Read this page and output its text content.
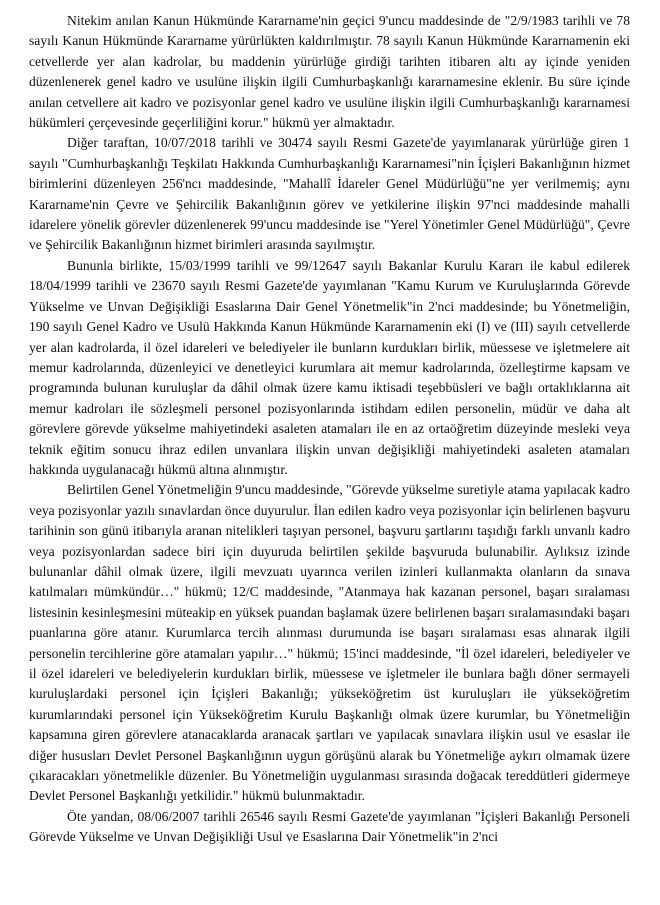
Nitekim anılan Kanun Hükmünde Kararname'nin geçici 9'uncu maddesinde de "2/9/1983 tarihli ve 78 sayılı Kanun Hükmünde Kararname yürürlükten kaldırılmıştır. 78 sayılı Kanun Hükmünde Kararnamenin eki cetvellerde yer alan kadrolar, bu maddenin yürürlüğe girdiği tarihten itibaren altı ay içinde yeniden düzenlenerek genel kadro ve usulüne ilişkin ilgili Cumhurbaşkanlığı kararnamesine eklenir. Bu süre içinde anılan cetvellere ait kadro ve pozisyonlar genel kadro ve usulüne ilişkin ilgili Cumhurbaşkanlığı kararnamesi hükümleri çerçevesinde geçerliliğini korur." hükmü yer almaktadır.

Diğer taraftan, 10/07/2018 tarihli ve 30474 sayılı Resmi Gazete'de yayımlanarak yürürlüğe giren 1 sayılı "Cumhurbaşkanlığı Teşkilatı Hakkında Cumhurbaşkanlığı Kararnamesi"nin İçişleri Bakanlığının hizmet birimlerini düzenleyen 256'ncı maddesinde, "Mahallî İdareler Genel Müdürlüğü"ne yer verilmemiş; aynı Kararname'nin Çevre ve Şehircilik Bakanlığının görev ve yetkilerine ilişkin 97'nci maddesinde mahalli idarelere yönelik görevler düzenlenerek 99'uncu maddesinde ise "Yerel Yönetimler Genel Müdürlüğü", Çevre ve Şehircilik Bakanlığının hizmet birimleri arasında sayılmıştır.

Bununla birlikte, 15/03/1999 tarihli ve 99/12647 sayılı Bakanlar Kurulu Kararı ile kabul edilerek 18/04/1999 tarihli ve 23670 sayılı Resmi Gazete'de yayımlanan "Kamu Kurum ve Kuruluşlarında Görevde Yükselme ve Unvan Değişikliği Esaslarına Dair Genel Yönetmelik"in 2'nci maddesinde; bu Yönetmeliğin, 190 sayılı Genel Kadro ve Usulü Hakkında Kanun Hükmünde Kararnamenin eki (I) ve (III) sayılı cetvellerde yer alan kadrolarda, il özel idareleri ve belediyeler ile bunların kurdukları birlik, müessese ve işletmelere ait memur kadrolarında, düzenleyici ve denetleyici kurumlara ait memur kadrolarında, özelleştirme kapsam ve programında bulunan kuruluşlar da dâhil olmak üzere kamu iktisadi teşebbüsleri ve bağlı ortaklıklarına ait memur kadroları ile sözleşmeli personel pozisyonlarında istihdam edilen personelin, müdür ve daha alt görevlere görevde yükselme mahiyetindeki asaleten atamaları ile en az ortaöğretim düzeyinde mesleki veya teknik eğitim sonucu ihraz edilen unvanlara ilişkin unvan değişikliği mahiyetindeki asaleten atamaları hakkında uygulanacağı hükmü altına alınmıştır.

Belirtilen Genel Yönetmeliğin 9'uncu maddesinde, "Görevde yükselme suretiyle atama yapılacak kadro veya pozisyonlar yazılı sınavlardan önce duyurulur. İlan edilen kadro veya pozisyonlar için belirlenen başvuru tarihinin son günü itibarıyla aranan nitelikleri taşıyan personel, başvuru şartlarını taşıdığı farklı unvanlı kadro veya pozisyonlardan sadece biri için duyuruda belirtilen şekilde başvuruda bulunabilir. Aylıksız izinde bulunanlar dâhil olmak üzere, ilgili mevzuatı uyarınca verilen izinleri kullanmakta olanların da sınava katılmaları mümkündür…" hükmü; 12/C maddesinde, "Atanmaya hak kazanan personel, başarı sıralaması listesinin kesinleşmesini müteakip en yüksek puandan başlamak üzere belirlenen başarı sıralamasındaki başarı puanlarına göre atanır. Kurumlarca tercih alınması durumunda ise başarı sıralaması esas alınarak ilgili personelin tercihlerine göre atamaları yapılır…" hükmü; 15'inci maddesinde, "İl özel idareleri, belediyeler ve il özel idareleri ve belediyelerin kurdukları birlik, müessese ve işletmeler ile bunlara bağlı döner sermayeli kuruluşlardaki personel için İçişleri Bakanlığı; yükseköğretim üst kuruluşları ile yükseköğretim kurumlarındaki personel için Yükseköğretim Kurulu Başkanlığı olmak üzere kurumlar, bu Yönetmeliğin kapsamına giren görevlere atanacaklarda aranacak şartları ve yapılacak sınavlara ilişkin usul ve esaslar ile diğer hususları Devlet Personel Başkanlığının uygun görüşünü alarak bu Yönetmeliğe aykırı olmamak üzere çıkaracakları yönetmelikle düzenler. Bu Yönetmeliğin uygulanması sırasında doğacak tereddütleri gidermeye Devlet Personel Başkanlığı yetkilidir." hükmü bulunmaktadır.

Öte yandan, 08/06/2007 tarihli 26546 sayılı Resmi Gazete'de yayımlanan "İçişleri Bakanlığı Personeli Görevde Yükselme ve Unvan Değişikliği Usul ve Esaslarına Dair Yönetmelik"in 2'nci
